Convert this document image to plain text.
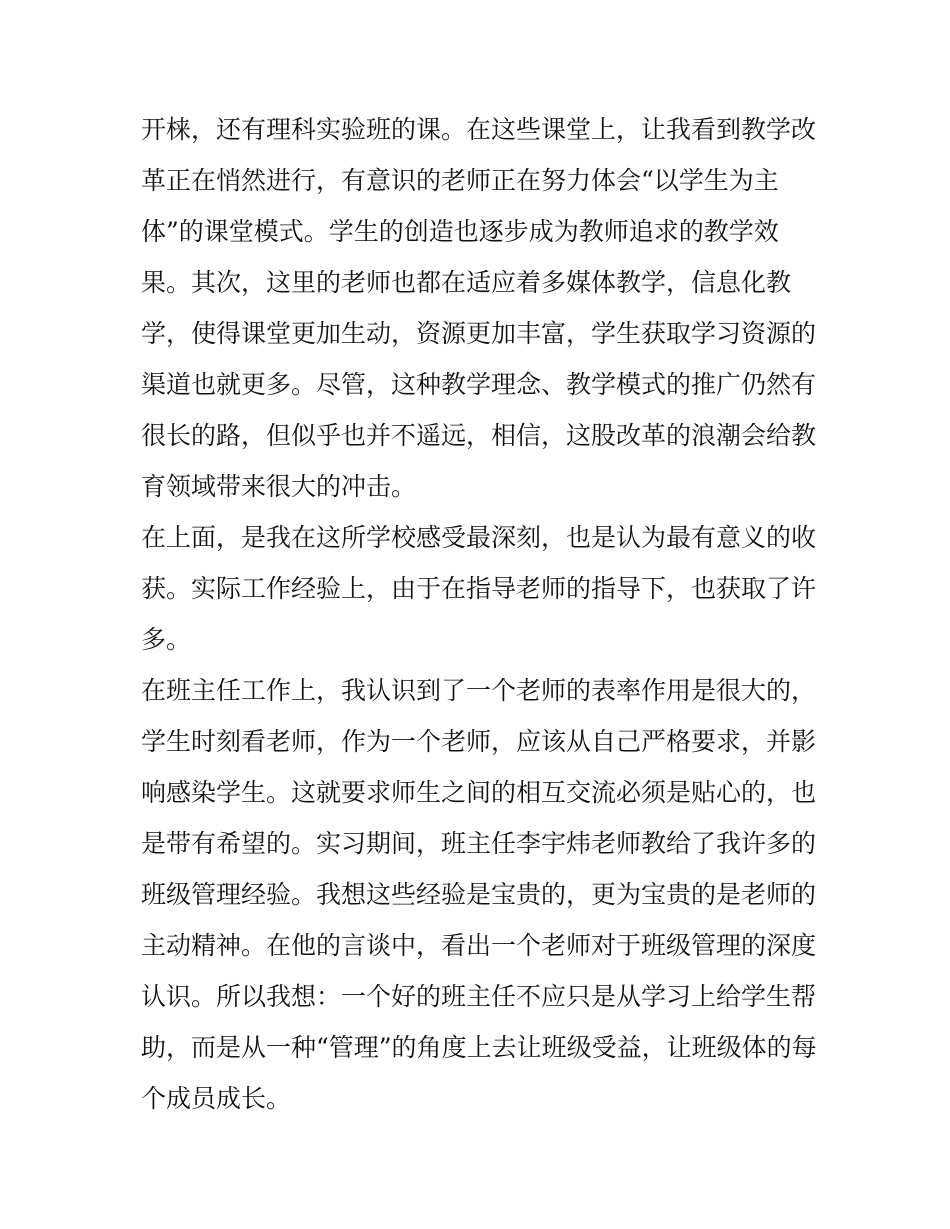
开梾，还有理科实验班的课。在这些课堂上，让我看到教学改
革正在悄然进行，有意识的老师正在努力体会“以学生为主
体”的课堂模式。学生的创造也逐步成为教师追求的教学效
果。其次，这里的老师也都在适应着多媒体教学，信息化教
学，使得课堂更加生动，资源更加丰富，学生获取学习资源的
渠道也就更多。尽管，这种教学理念、教学模式的推广仍然有
很长的路，但似乎也并不遥远，相信，这股改革的浪潮会给教
育领域带来很大的冲击。
在上面，是我在这所学校感受最深刻，也是认为最有意义的收
获。实际工作经验上，由于在指导老师的指导下，也获取了许
多。
在班主任工作上，我认识到了一个老师的表率作用是很大的，
学生时刻看老师，作为一个老师，应该从自己严格要求，并影
响感染学生。这就要求师生之间的相互交流必须是贴心的，也
是带有希望的。实习期间，班主任李宇炜老师教给了我许多的
班级管理经验。我想这些经验是宝贵的，更为宝贵的是老师的
主动精神。在他的言谈中，看出一个老师对于班级管理的深度
认识。所以我想：一个好的班主任不应只是从学习上给学生帮
助，而是从一种“管理”的角度上去让班级受益，让班级体的每
个成员成长。
